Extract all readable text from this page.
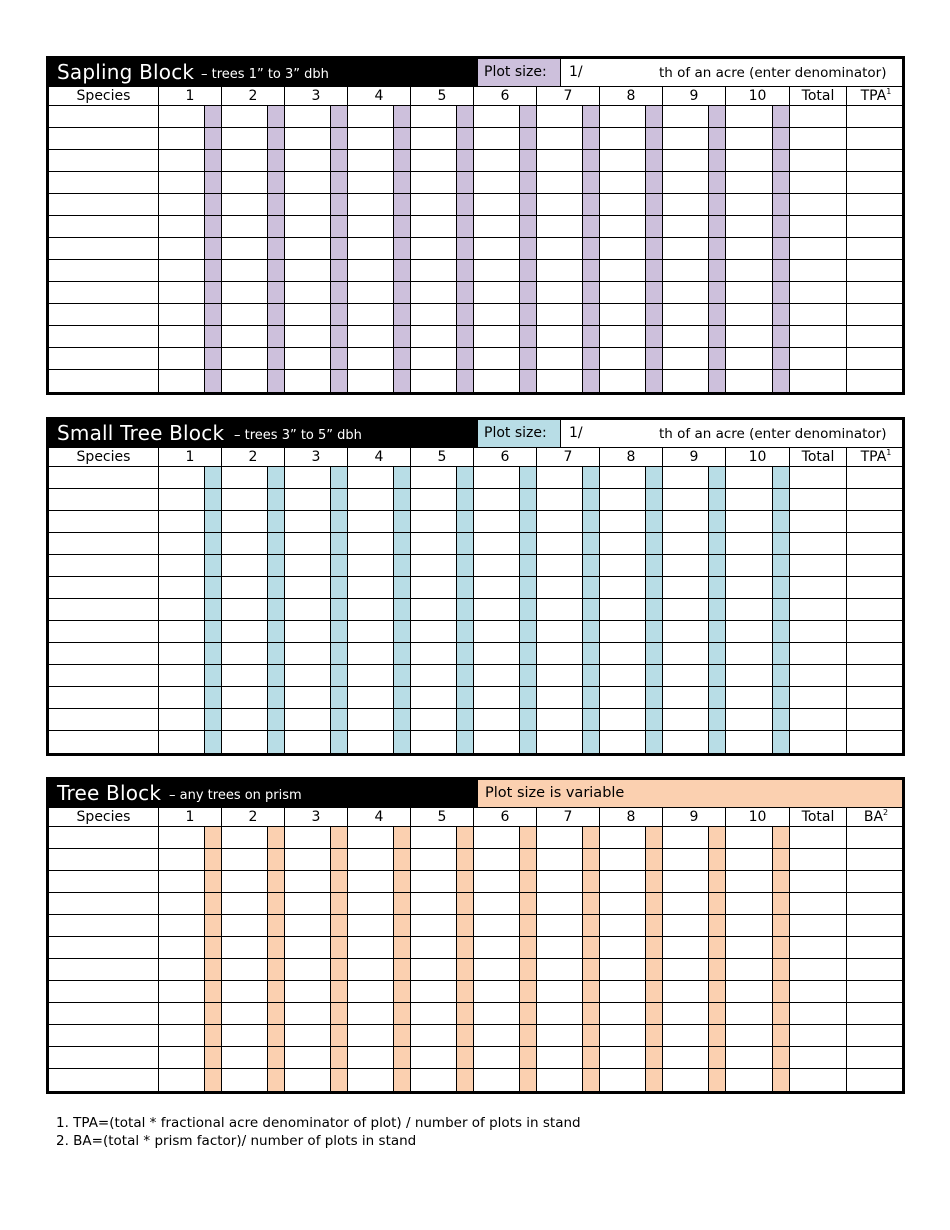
Sapling Block – trees 1” to 3” dbh	Plot size:	1/	th of an acre (enter denominator)
Species	1	2	3	4	5	6	7	8	9	10	Total	TPA$^1$
Small Tree Block – trees 3” to 5” dbh	Plot size:	1/	th of an acre (enter denominator)
Species	1	2	3	4	5	6	7	8	9	10	Total	TPA$^1$
Tree Block – any trees on prism	Plot size is variable
Species	1	2	3	4	5	6	7	8	9	10	Total	$BA^2$
1. TPA=(total * fractional acre denominator of plot) / number of plots in stand
2. BA=(total * prism factor)/ number of plots in stand
